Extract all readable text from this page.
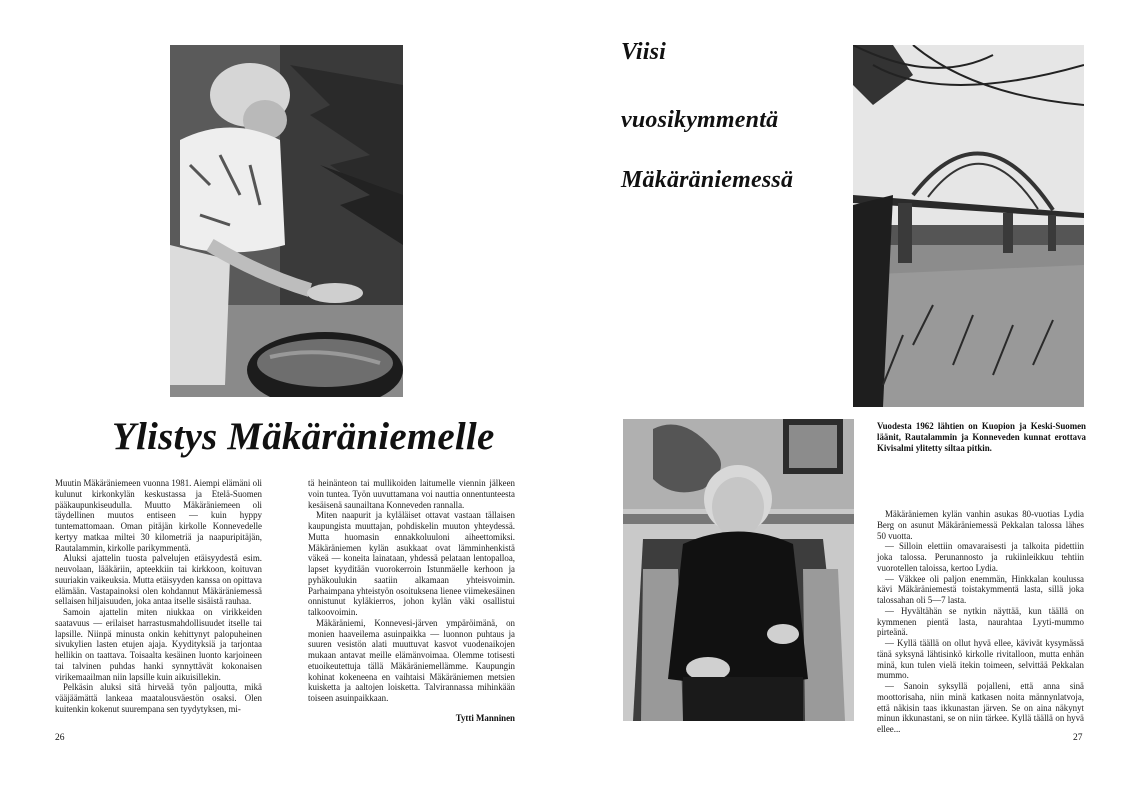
Viisi
vuosikymmentä
Mäkäräniemessä
Ylistys Mäkäräniemelle

Muutin Mäkäräniemeen vuonna 1981. Aiempi elämäni oli kulunut kirkonkylän keskustassa ja Etelä-Suomen pääkaupunkiseudulla. Muutto Mäkäräniemeen oli täydellinen muutos entiseen — kuin hyppy tuntemattomaan. Oman pitäjän kirkolle Konnevedelle kertyy matkaa miltei 30 kilometriä ja naapuripitäjän, Rautalammin, kirkolle parikymmentä.

Aluksi ajattelin tuosta palvelujen etäisyydestä esim. neuvolaan, lääkäriin, apteekkiin tai kirkkoon, koituvan suuriakin vaikeuksia. Mutta etäisyyden kanssa on opittava elämään. Vastapainoksi olen kohdannut Mäkäräniemessä sellaisen hiljaisuuden, joka antaa itselle sisäistä rauhaa.

Samoin ajattelin miten niukkaa on virikkeiden saatavuus — erilaiset harrastusmahdollisuudet itselle tai lapsille. Niinpä minusta onkin kehittynyt palopuheinen sivukylien lasten etujen ajaja. Kyydityksiä ja tarjontaa hellikin on taattava. Toisaalta kesäinen luonto karjoineen tai talvinen puhdas hanki synnyttävät kokonaisen virikemaailman niin lapsille kuin aikuisillekin.

Pelkäsin aluksi sitä hirveää työn paljoutta, mikä vääjäämättä lankeaa maatalousväestön osaksi. Olen kuitenkin kokenut suurempana sen tyydytyksen, mi-

tä heinänteon tai mullikoiden laitumelle viennin jälkeen voin tuntea. Työn uuvuttamana voi nauttia onnentunteesta kesäisenä saunailtana Konneveden rannalla.

Miten naapurit ja kyläläiset ottavat vastaan tällaisen kaupungista muuttajan, pohdiskelin muuton yhteydessä. Mutta huomasin ennakkoluuloni aiheettomiksi. Mäkäräniemen kylän asukkaat ovat lämminhenkistä väkeä — koneita lainataan, yhdessä pelataan lentopalloa, lapset kyyditään vuorokerroin Istunmäelle kerhoon ja pyhäkoulukin saatiin alkamaan yhteisvoimin. Parhaimpana yhteistyön osoituksena lienee viimekesäinen onnistunut kyläkierros, johon kylän väki osallistui talkoovoimin.

Mäkäräniemi, Konnevesi-järven ympäröimänä, on monien haaveilema asuinpaikka — luonnon puhtaus ja suuren vesistön alati muuttuvat kasvot vuodenaikojen mukaan antavat meille elämänvoimaa. Olemme totisesti etuoikeutettuja tällä Mäkäräniemellämme. Kaupungin kohinat kokeneena en vaihtaisi Mäkäräniemen metsien kuisketta ja aaltojen loisketta. Talvirannassa mihinkään toiseen asuinpaikkaan.

Tytti Manninen
Vuodesta 1962 lähtien on Kuopion ja Keski-Suomen läänit, Rautalammin ja Konneveden kunnat erottava Kivisalmi ylitetty siltaa pitkin.

Mäkäräniemen kylän vanhin asukas 80-vuotias Lydia Berg on asunut Mäkäräniemessä Pekkalan talossa lähes 50 vuotta.

— Silloin elettiin omavaraisesti ja talkoita pidettiin joka talossa. Perunannosto ja rukiinleikkuu tehtiin vuorotellen taloissa, kertoo Lydia.

— Väkkee oli paljon enemmän, Hinkkalan koulussa kävi Mäkäräniemestä toistakymmentä lasta, sillä joka talossahan oli 5—7 lasta.

— Hyvältähän se nytkin näyttää, kun täällä on kymmenen pientä lasta, naurahtaa Lyyti-mummo pirteänä.

— Kyllä täällä on ollut hyvä ellee, kävivät kysymässä tänä syksynä lähtisinkö kirkolle rivitalloon, mutta enhän minä, kun tulen vielä itekin toimeen, selvittää Pekkalan mummo.

— Sanoin syksyllä pojalleni, että anna sinä moottorisaha, niin minä katkasen noita männynlatvoja, että näkisin taas ikkunastan järven. Se on aina näkynyt minun ikkunastani, se on niin tärkee. Kyllä täällä on hyvä ellee...

26	27
